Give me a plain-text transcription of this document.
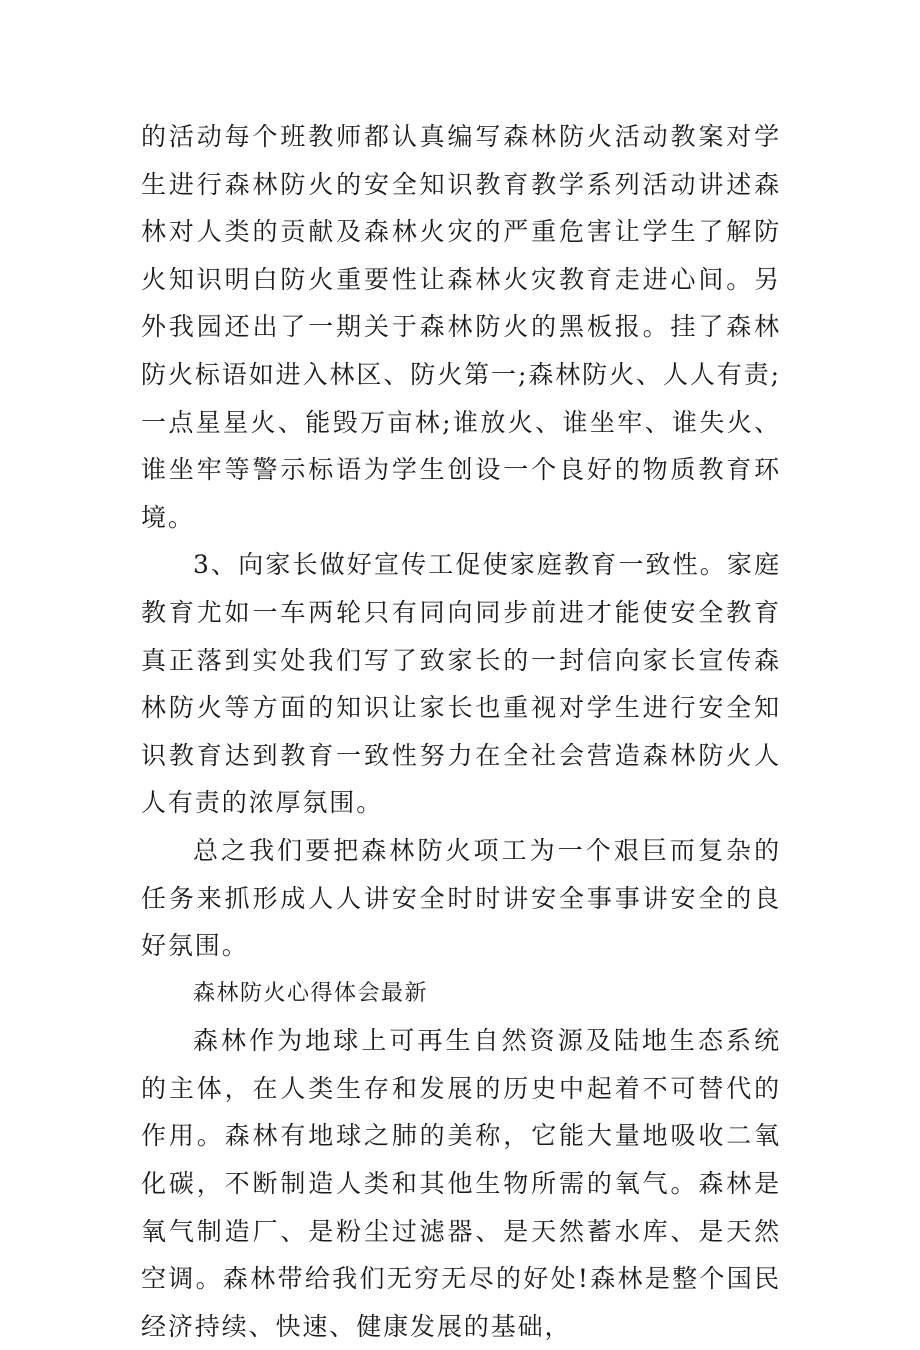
的活动每个班教师都认真编写森林防火活动教案对学生进行森林防火的安全知识教育教学系列活动讲述森林对人类的贡献及森林火灾的严重危害让学生了解防火知识明白防火重要性让森林火灾教育走进心间。另外我园还出了一期关于森林防火的黑板报。挂了森林防火标语如进入林区、防火第一;森林防火、人人有责;一点星星火、能毁万亩林;谁放火、谁坐牢、谁失火、谁坐牢等警示标语为学生创设一个良好的物质教育环境。

3、向家长做好宣传工促使家庭教育一致性。家庭教育尤如一车两轮只有同向同步前进才能使安全教育真正落到实处我们写了致家长的一封信向家长宣传森林防火等方面的知识让家长也重视对学生进行安全知识教育达到教育一致性努力在全社会营造森林防火人人有责的浓厚氛围。

总之我们要把森林防火项工为一个艰巨而复杂的任务来抓形成人人讲安全时时讲安全事事讲安全的良好氛围。

森林防火心得体会最新

森林作为地球上可再生自然资源及陆地生态系统的主体，在人类生存和发展的历史中起着不可替代的作用。森林有地球之肺的美称，它能大量地吸收二氧化碳，不断制造人类和其他生物所需的氧气。森林是氧气制造厂、是粉尘过滤器、是天然蓄水库、是天然空调。森林带给我们无穷无尽的好处!森林是整个国民经济持续、快速、健康发展的基础，
